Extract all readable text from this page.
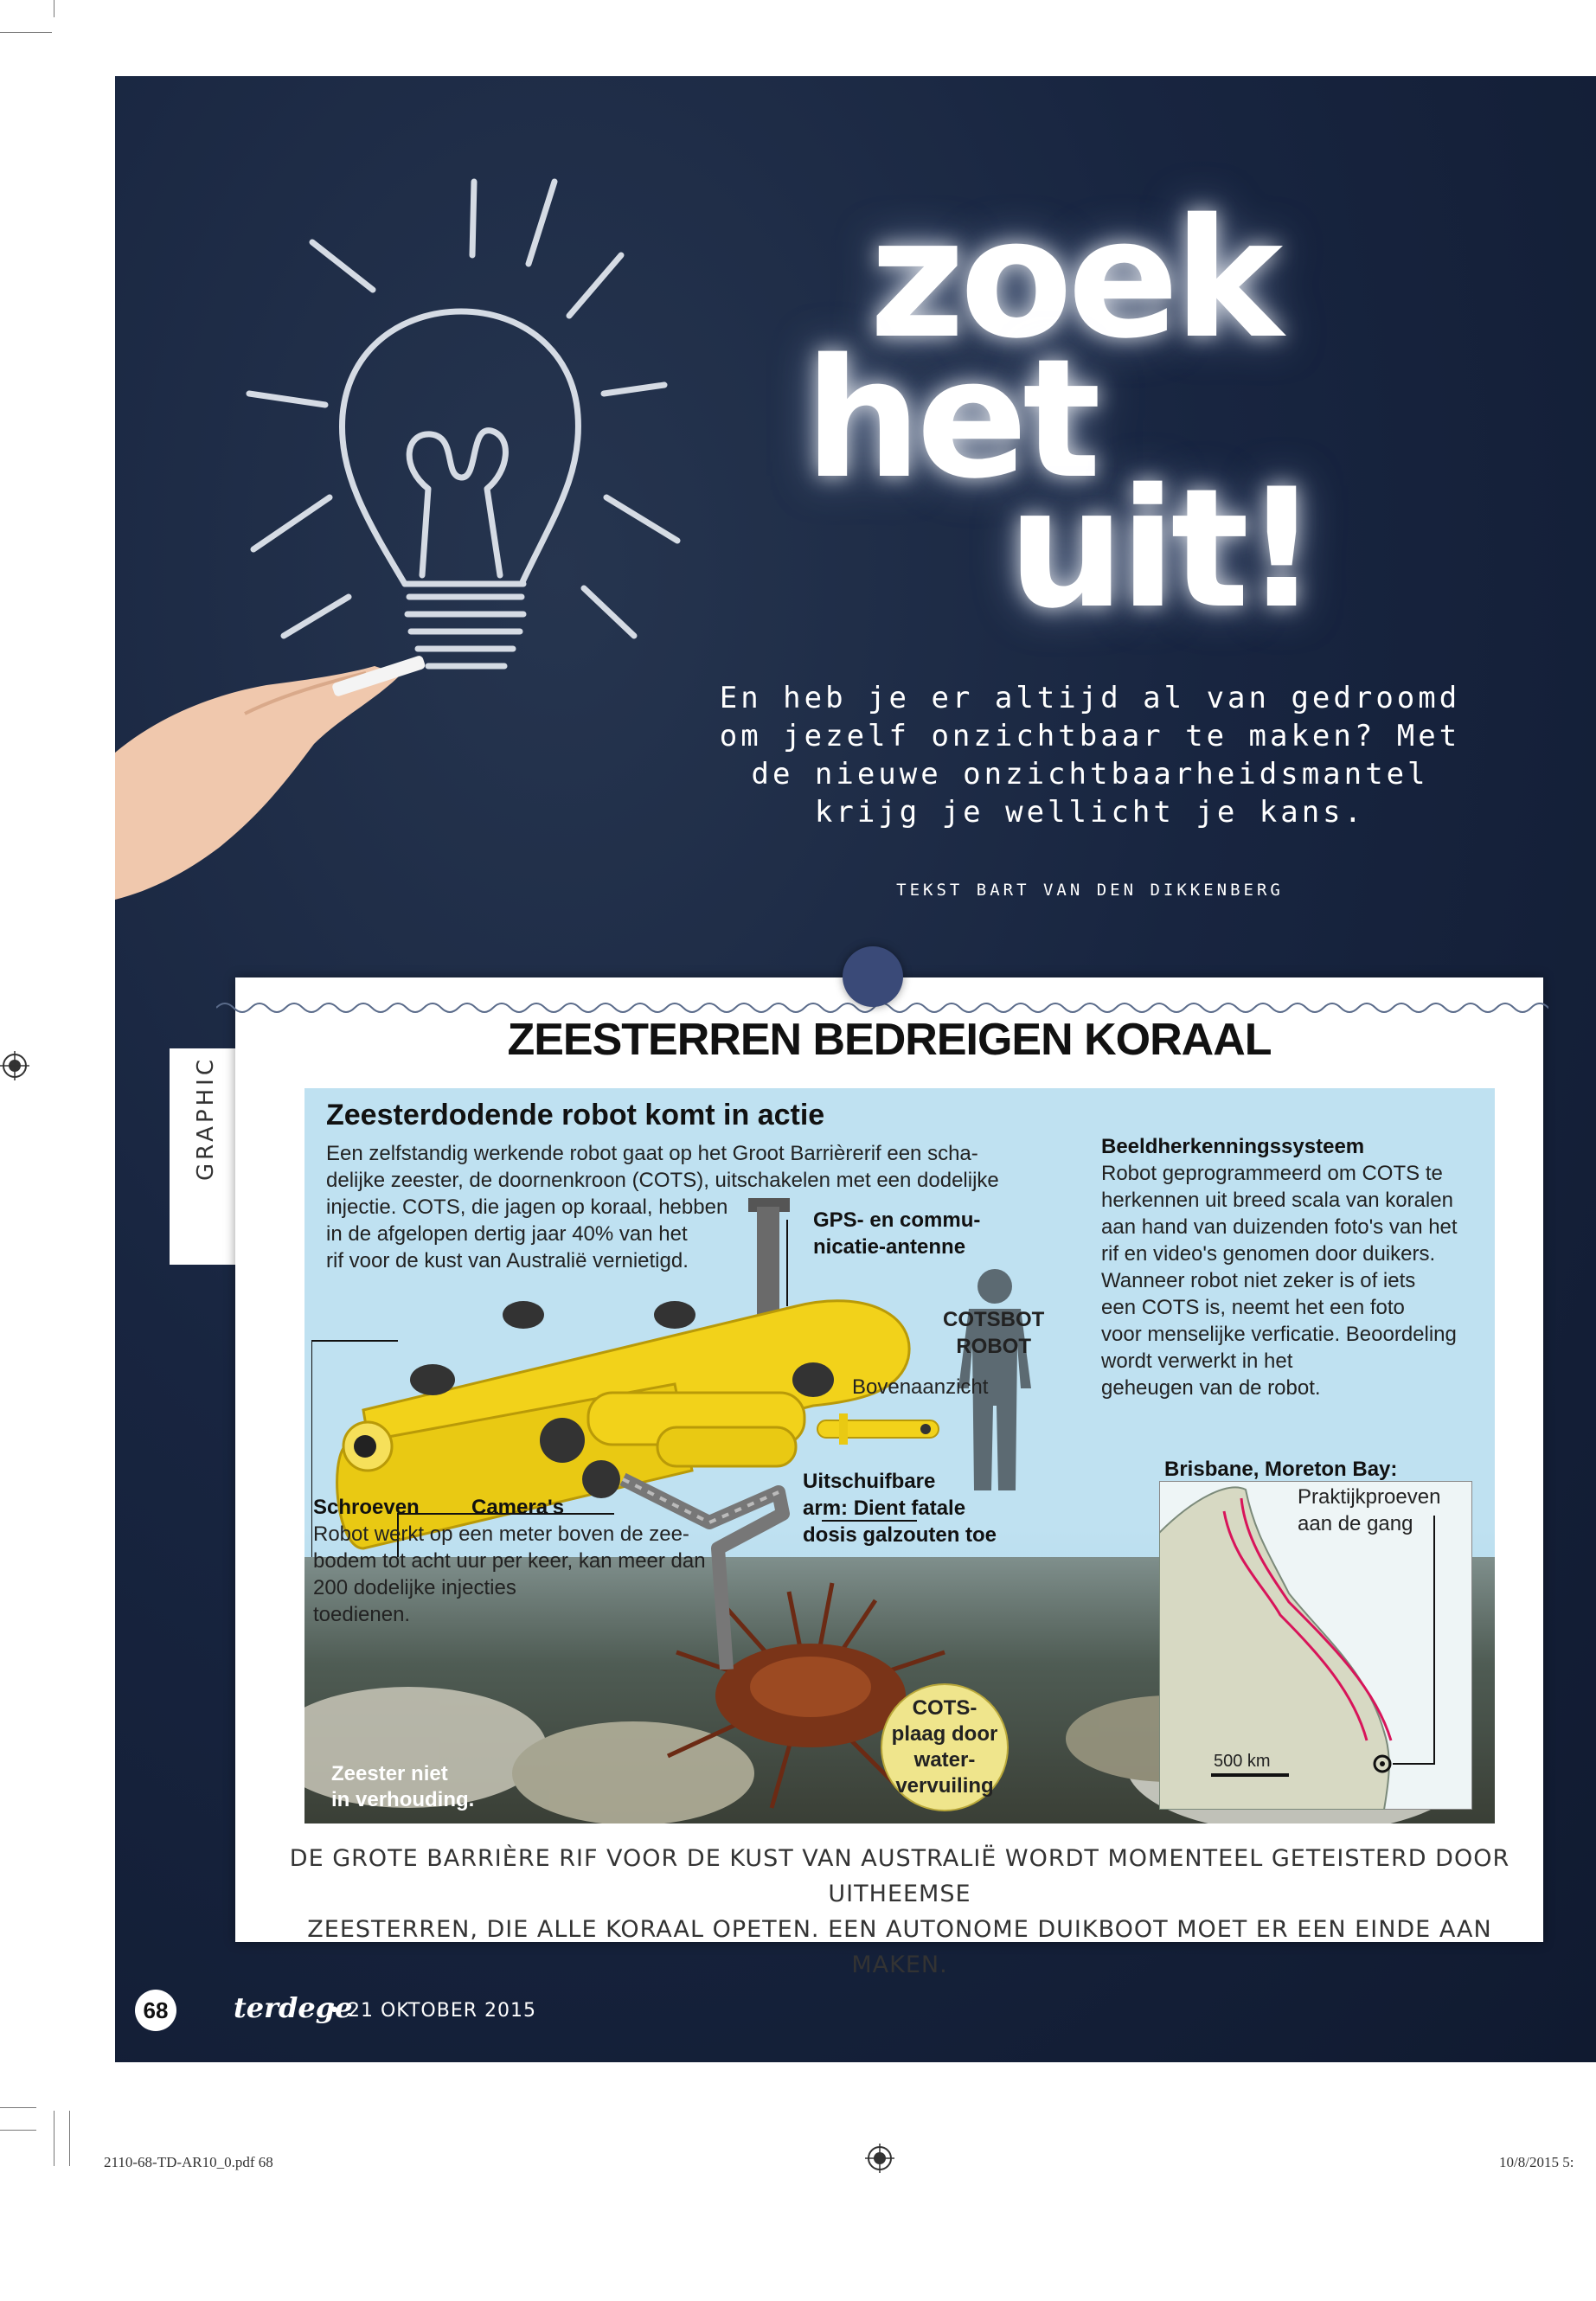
zoek
het
uit!
En heb je er altijd al van gedroomd om jezelf onzichtbaar te maken? Met de nieuwe onzichtbaarheidsmantel krijg je wellicht je kans.
TEKST BART VAN DEN DIKKENBERG
GRAPHIC
ZEESTERREN BEDREIGEN KORAAL
Zeesterdodende robot komt in actie
Een zelfstandig werkende robot gaat op het Groot Barrièrerif een scha-
delijke zeester, de doornenkroon (COTS), uitschakelen met een dodelijke
injectie. COTS, die jagen op koraal, hebben
in de afgelopen dertig jaar 40% van het
rif voor de kust van Australië vernietigd.
GPS- en commu-
nicatie-antenne
COTSBOT
ROBOT
Bovenaanzicht
Beeldherkenningssysteem
Robot geprogrammeerd om COTS te
herkennen uit breed scala van koralen
aan hand van duizenden foto's van het
rif en video's genomen door duikers.
Wanneer robot niet zeker is of iets
een COTS is, neemt het een foto
voor menselijke verficatie. Beoordeling
wordt verwerkt in het
geheugen van de robot.
Uitschuifbare
arm: Dient fatale
dosis galzouten toe
Schroeven	Camera's
Robot werkt op een meter boven de zee-
bodem tot acht uur per keer, kan meer dan
200 dodelijke injecties
toedienen.
Brisbane, Moreton Bay:
Praktijkproeven
aan de gang
500 km
COTS-
plaag door
water-
vervuiling
Zeester niet
in verhouding.
DE GROTE BARRIÈRE RIF VOOR DE KUST VAN AUSTRALIË WORDT MOMENTEEL GETEISTERD DOOR UITHEEMSE
ZEESTERREN, DIE ALLE KORAAL OPETEN. EEN AUTONOME DUIKBOOT MOET ER EEN EINDE AAN MAKEN.
68 terdege
• 21 OKTOBER 2015
2110-68-TD-AR10_0.pdf 68	10/8/2015 5:
